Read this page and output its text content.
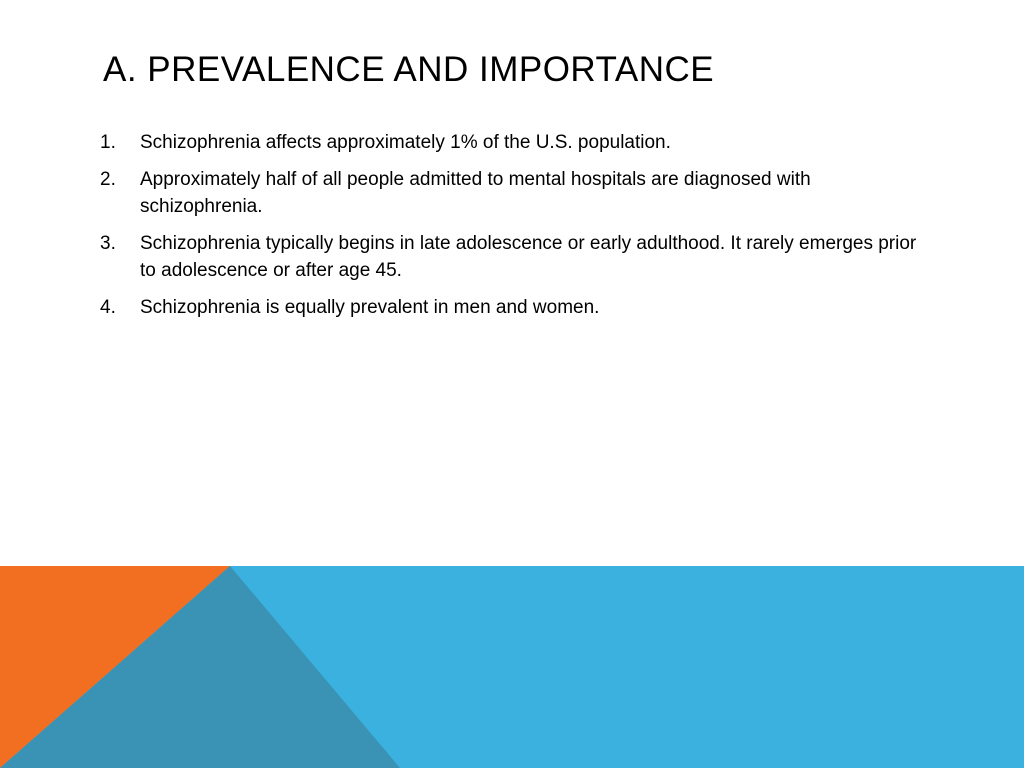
A. PREVALENCE AND IMPORTANCE
1.	Schizophrenia affects approximately 1% of the U.S. population.
2.	Approximately half of all people admitted to mental hospitals are diagnosed with schizophrenia.
3.	Schizophrenia typically begins in late adolescence or early adulthood. It rarely emerges prior to adolescence or after age 45.
4.	Schizophrenia is equally prevalent in men and women.
